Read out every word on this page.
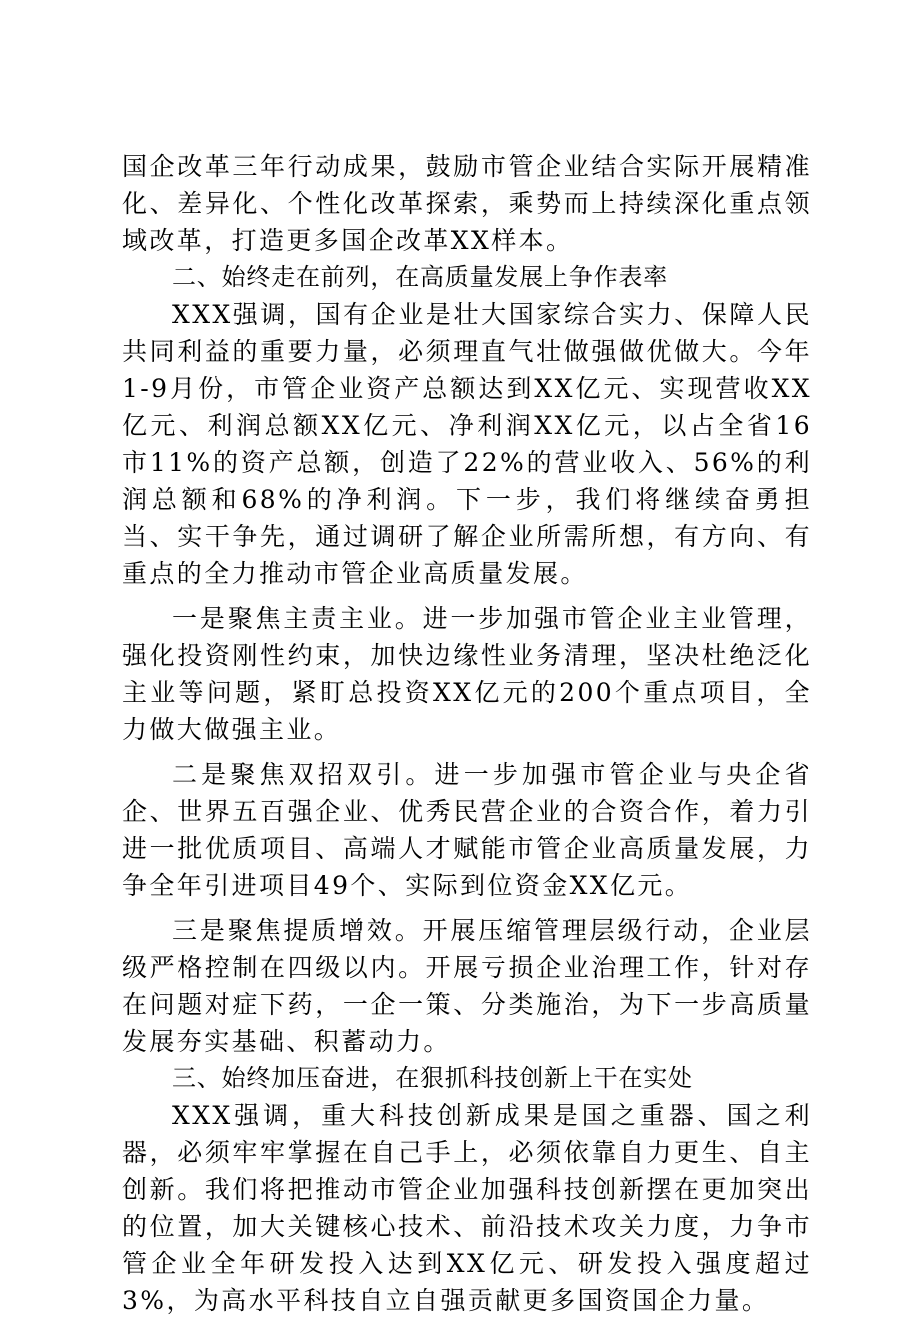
国企改革三年行动成果，鼓励市管企业结合实际开展精准化、差异化、个性化改革探索，乘势而上持续深化重点领域改革，打造更多国企改革XX样本。

二、始终走在前列，在高质量发展上争作表率

XXX强调，国有企业是壮大国家综合实力、保障人民共同利益的重要力量，必须理直气壮做强做优做大。今年1-9月份，市管企业资产总额达到XX亿元、实现营收XX亿元、利润总额XX亿元、净利润XX亿元，以占全省16市11%的资产总额，创造了22%的营业收入、56%的利润总额和68%的净利润。下一步，我们将继续奋勇担当、实干争先，通过调研了解企业所需所想，有方向、有重点的全力推动市管企业高质量发展。

一是聚焦主责主业。进一步加强市管企业主业管理，强化投资刚性约束，加快边缘性业务清理，坚决杜绝泛化主业等问题，紧盯总投资XX亿元的200个重点项目，全力做大做强主业。

二是聚焦双招双引。进一步加强市管企业与央企省企、世界五百强企业、优秀民营企业的合资合作，着力引进一批优质项目、高端人才赋能市管企业高质量发展，力争全年引进项目49个、实际到位资金XX亿元。

三是聚焦提质增效。开展压缩管理层级行动，企业层级严格控制在四级以内。开展亏损企业治理工作，针对存在问题对症下药，一企一策、分类施治，为下一步高质量发展夯实基础、积蓄动力。

三、始终加压奋进，在狠抓科技创新上干在实处

XXX强调，重大科技创新成果是国之重器、国之利器，必须牢牢掌握在自己手上，必须依靠自力更生、自主创新。我们将把推动市管企业加强科技创新摆在更加突出的位置，加大关键核心技术、前沿技术攻关力度，力争市管企业全年研发投入达到XX亿元、研发投入强度超过3%，为高水平科技自立自强贡献更多国资国企力量。
